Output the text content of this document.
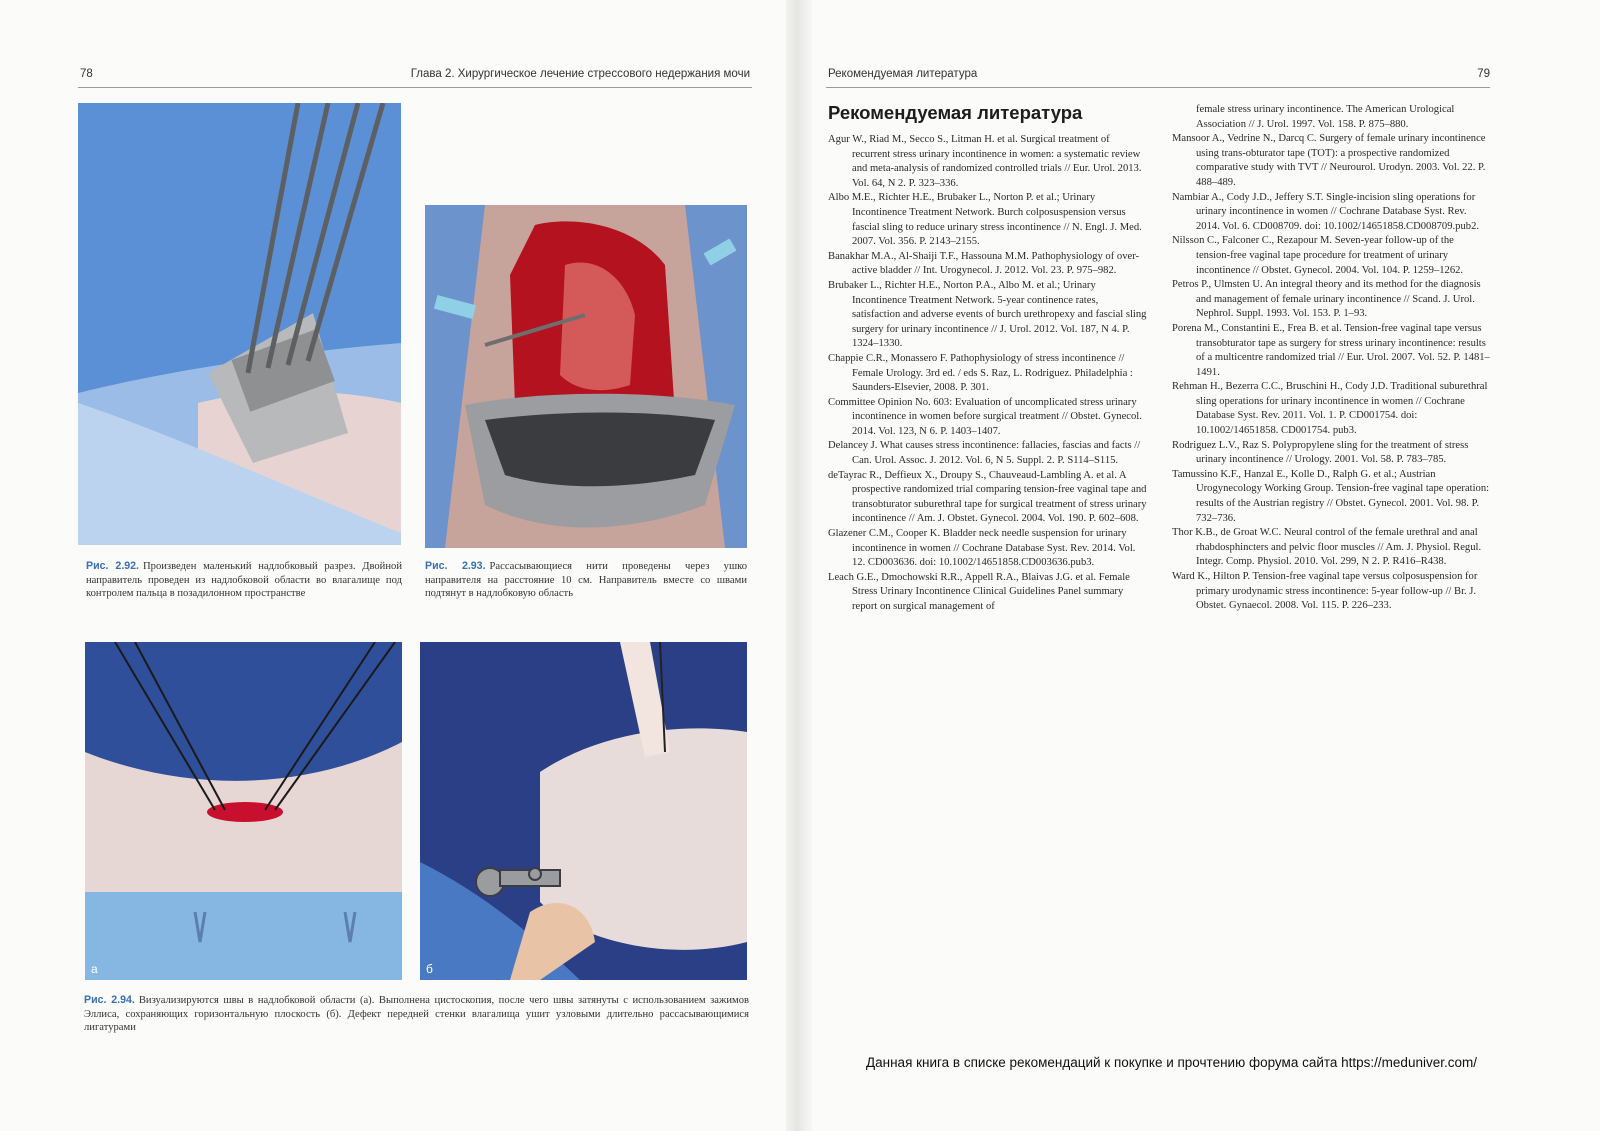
78	Глава 2. Хирургическое лечение стрессового недержания мочи
Рис. 2.92. Произведен маленький надлобковый разрез. Двойной направитель проведен из надлобковой области во влагалище под контролем пальца в позадилонном пространстве
Рис. 2.93. Рассасывающиеся нити проведены через ушко направителя на расстояние 10 см. Направитель вместе со швами подтянут в надлобковую область
а	б
Рис. 2.94. Визуализируются швы в надлобковой области (а). Выполнена цистоскопия, после чего швы затянуты с использованием зажимов Эллиса, сохраняющих горизонтальную плоскость (б). Дефект передней стенки влагалища ушит узловыми длительно рассасывающимися лигатурами
Рекомендуемая литература	79
Рекомендуемая литература

Agur W., Riad M., Secco S., Litman H. et al. Surgical treatment of recurrent stress urinary incontinence in women: a systematic review and meta-analysis of randomized controlled trials // Eur. Urol. 2013. Vol. 64, N 2. P. 323–336.

Albo M.E., Richter H.E., Brubaker L., Norton P. et al.; Urinary Incontinence Treatment Network. Burch colposuspension versus fascial sling to reduce urinary stress incontinence // N. Engl. J. Med. 2007. Vol. 356. P. 2143–2155.

Banakhar M.A., Al-Shaiji T.F., Hassouna M.M. Pathophysiology of over-active bladder // Int. Urogynecol. J. 2012. Vol. 23. P. 975–982.

Brubaker L., Richter H.E., Norton P.A., Albo M. et al.; Urinary Incontinence Treatment Network. 5-year continence rates, satisfaction and adverse events of burch urethropexy and fascial sling surgery for urinary incontinence // J. Urol. 2012. Vol. 187, N 4. P. 1324–1330.

Chappie C.R., Monassero F. Pathophysiology of stress incontinence // Female Urology. 3rd ed. / eds S. Raz, L. Rodriguez. Philadelphia : Saunders-Elsevier, 2008. P. 301.

Committee Opinion No. 603: Evaluation of uncomplicated stress urinary incontinence in women before surgical treatment // Obstet. Gynecol. 2014. Vol. 123, N 6. P. 1403–1407.

Delancey J. What causes stress incontinence: fallacies, fascias and facts // Can. Urol. Assoc. J. 2012. Vol. 6, N 5. Suppl. 2. P. S114–S115.

deTayrac R., Deffieux X., Droupy S., Chauveaud-Lambling A. et al. A prospective randomized trial comparing tension-free vaginal tape and transobturator suburethral tape for surgical treatment of stress urinary incontinence // Am. J. Obstet. Gynecol. 2004. Vol. 190. P. 602–608.

Glazener C.M., Cooper K. Bladder neck needle suspension for urinary incontinence in women // Cochrane Database Syst. Rev. 2014. Vol. 12. CD003636. doi: 10.1002/14651858.CD003636.pub3.

Leach G.E., Dmochowski R.R., Appell R.A., Blaivas J.G. et al. Female Stress Urinary Incontinence Clinical Guidelines Panel summary report on surgical management of

female stress urinary incontinence. The American Urological Association // J. Urol. 1997. Vol. 158. P. 875–880.

Mansoor A., Vedrine N., Darcq C. Surgery of female urinary incontinence using trans-obturator tape (TOT): a prospective randomized comparative study with TVT // Neurourol. Urodyn. 2003. Vol. 22. P. 488–489.

Nambiar A., Cody J.D., Jeffery S.T. Single-incision sling operations for urinary incontinence in women // Cochrane Database Syst. Rev. 2014. Vol. 6. CD008709. doi: 10.1002/14651858.CD008709.pub2.

Nilsson C., Falconer C., Rezapour M. Seven-year follow-up of the tension-free vaginal tape procedure for treatment of urinary incontinence // Obstet. Gynecol. 2004. Vol. 104. P. 1259–1262.

Petros P., Ulmsten U. An integral theory and its method for the diagnosis and management of female urinary incontinence // Scand. J. Urol. Nephrol. Suppl. 1993. Vol. 153. P. 1–93.

Porena M., Constantini E., Frea B. et al. Tension-free vaginal tape versus transobturator tape as surgery for stress urinary incontinence: results of a multicentre randomized trial // Eur. Urol. 2007. Vol. 52. P. 1481–1491.

Rehman H., Bezerra C.C., Bruschini H., Cody J.D. Traditional suburethral sling operations for urinary incontinence in women // Cochrane Database Syst. Rev. 2011. Vol. 1. P. CD001754. doi: 10.1002/14651858. CD001754. pub3.

Rodriguez L.V., Raz S. Polypropylene sling for the treatment of stress urinary incontinence // Urology. 2001. Vol. 58. P. 783–785.

Tamussino K.F., Hanzal E., Kolle D., Ralph G. et al.; Austrian Urogynecology Working Group. Tension-free vaginal tape operation: results of the Austrian registry // Obstet. Gynecol. 2001. Vol. 98. P. 732–736.

Thor K.B., de Groat W.C. Neural control of the female urethral and anal rhabdosphincters and pelvic floor muscles // Am. J. Physiol. Regul. Integr. Comp. Physiol. 2010. Vol. 299, N 2. P. R416–R438.

Ward K., Hilton P. Tension-free vaginal tape versus colposuspension for primary urodynamic stress incontinence: 5-year follow-up // Br. J. Obstet. Gynaecol. 2008. Vol. 115. P. 226–233.

Данная книга в списке рекомендаций к покупке и прочтению форума сайта https://meduniver.com/
